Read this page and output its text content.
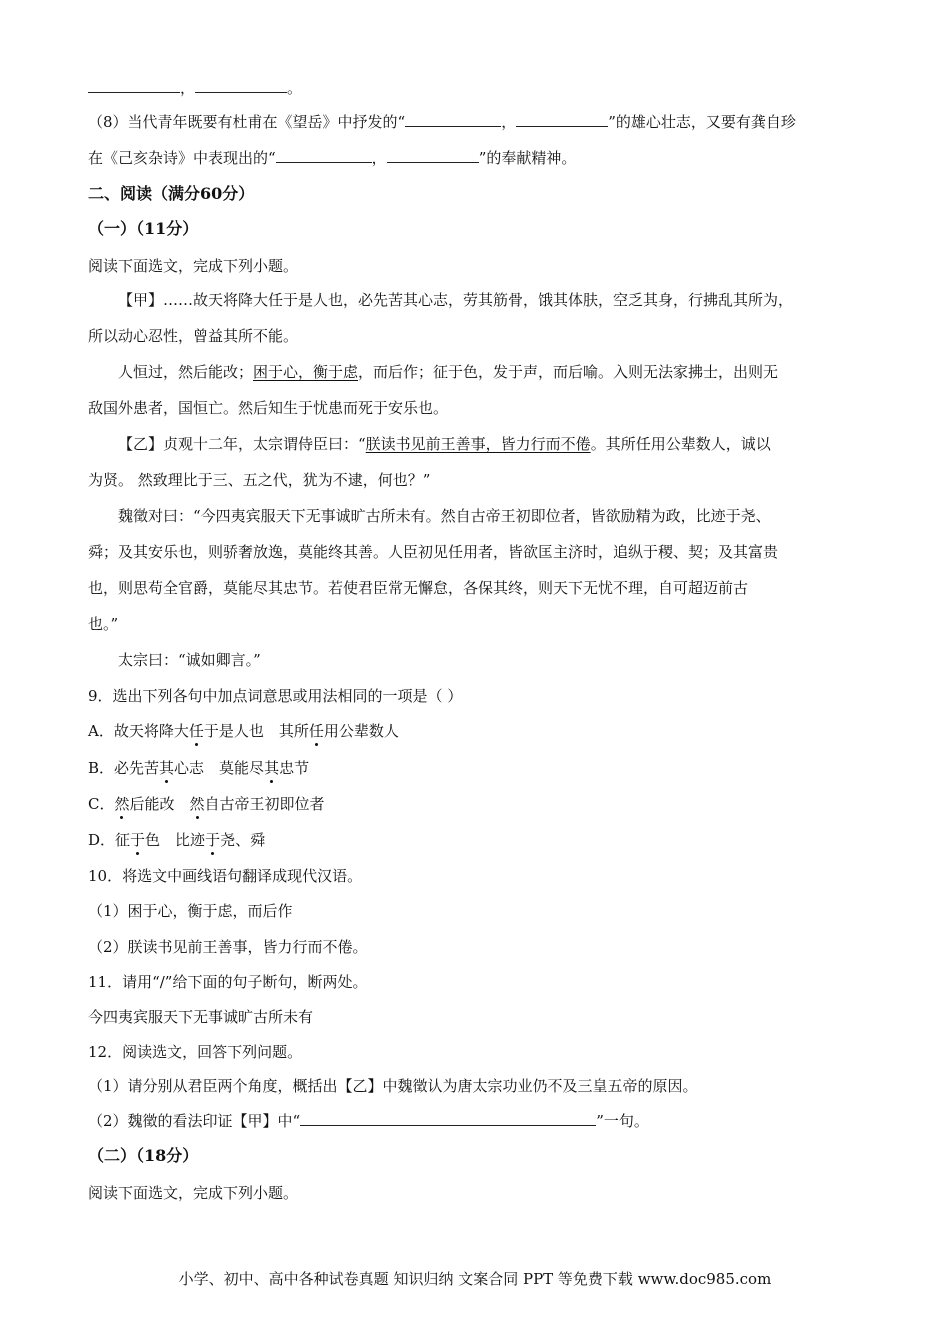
，	。
（8）当代青年既要有杜甫在《望岳》中抒发的“	，	”的雄心壮志，又要有龚自珍
在《己亥杂诗》中表现出的“	，	”的奉献精神。
二、阅读（满分60分）
（一）（11分）
阅读下面选文，完成下列小题。
【甲】……故天将降大任于是人也，必先苦其心志，劳其筋骨，饿其体肤，空乏其身，行拂乱其所为，
所以动心忍性，曾益其所不能。
人恒过，然后能改；困于心，衡于虑，而后作；征于色，发于声，而后喻。入则无法家拂士，出则无
敌国外患者，国恒亡。然后知生于忧患而死于安乐也。
【乙】贞观十二年，太宗谓侍臣曰：“朕读书见前王善事，皆力行而不倦。其所任用公辈数人，诚以
为贤。 然致理比于三、五之代，犹为不逮，何也？”
魏徵对曰：“今四夷宾服天下无事诚旷古所未有。然自古帝王初即位者，皆欲励精为政，比迹于尧、
舜；及其安乐也，则骄奢放逸，莫能终其善。人臣初见任用者，皆欲匡主济时，追纵于稷、契；及其富贵
也，则思苟全官爵，莫能尽其忠节。若使君臣常无懈怠，各保其终，则天下无忧不理，自可超迈前古
也。”
太宗曰：“诚如卿言。”
9．选出下列各句中加点词意思或用法相同的一项是（ ）
A．故天将降大任于是人也　其所任用公辈数人
B．必先苦其心志　莫能尽其忠节
C．然后能改　然自古帝王初即位者
D．征于色　比迹于尧、舜
10．将选文中画线语句翻译成现代汉语。
（1）困于心，衡于虑，而后作
（2）朕读书见前王善事，皆力行而不倦。
11．请用“/”给下面的句子断句，断两处。
今四夷宾服天下无事诚旷古所未有
12．阅读选文，回答下列问题。
（1）请分别从君臣两个角度，概括出【乙】中魏徵认为唐太宗功业仍不及三皇五帝的原因。
（2）魏徵的看法印证【甲】中“	”一句。
（二）（18分）
阅读下面选文，完成下列小题。
小学、初中、高中各种试卷真题 知识归纳 文案合同 PPT 等免费下载 www.doc985.com
